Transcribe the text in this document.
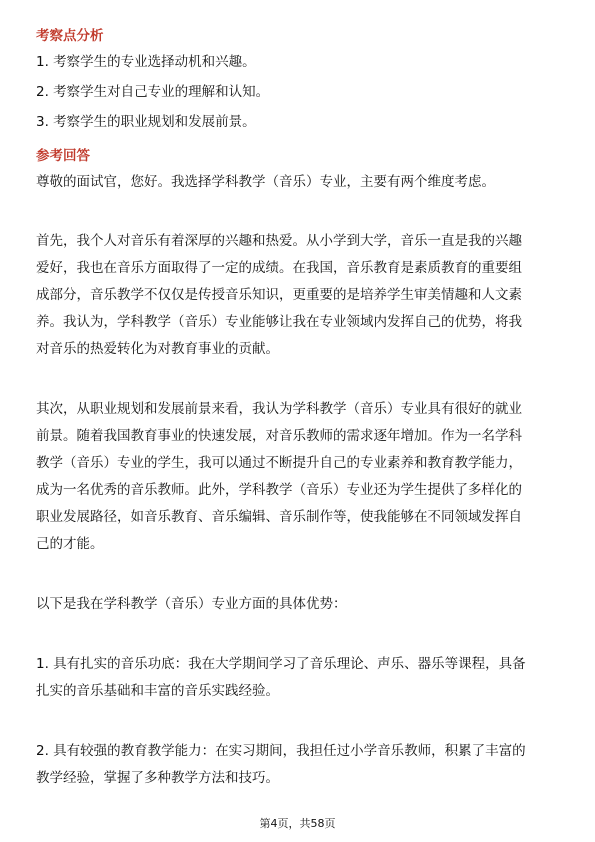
考察点分析

1. 考察学生的专业选择动机和兴趣。

2. 考察学生对自己专业的理解和认知。

3. 考察学生的职业规划和发展前景。

参考回答

尊敬的面试官，您好。我选择学科教学（音乐）专业，主要有两个维度考虑。

首先，我个人对音乐有着深厚的兴趣和热爱。从小学到大学，音乐一直是我的兴趣

爱好，我也在音乐方面取得了一定的成绩。在我国，音乐教育是素质教育的重要组

成部分，音乐教学不仅仅是传授音乐知识，更重要的是培养学生审美情趣和人文素

养。我认为，学科教学（音乐）专业能够让我在专业领域内发挥自己的优势，将我

对音乐的热爱转化为对教育事业的贡献。

其次，从职业规划和发展前景来看，我认为学科教学（音乐）专业具有很好的就业

前景。随着我国教育事业的快速发展，对音乐教师的需求逐年增加。作为一名学科

教学（音乐）专业的学生，我可以通过不断提升自己的专业素养和教育教学能力，

成为一名优秀的音乐教师。此外，学科教学（音乐）专业还为学生提供了多样化的

职业发展路径，如音乐教育、音乐编辑、音乐制作等，使我能够在不同领域发挥自

己的才能。

以下是我在学科教学（音乐）专业方面的具体优势：

1. 具有扎实的音乐功底：我在大学期间学习了音乐理论、声乐、器乐等课程，具备

扎实的音乐基础和丰富的音乐实践经验。

2. 具有较强的教育教学能力：在实习期间，我担任过小学音乐教师，积累了丰富的

教学经验，掌握了多种教学方法和技巧。

第4页，共58页
